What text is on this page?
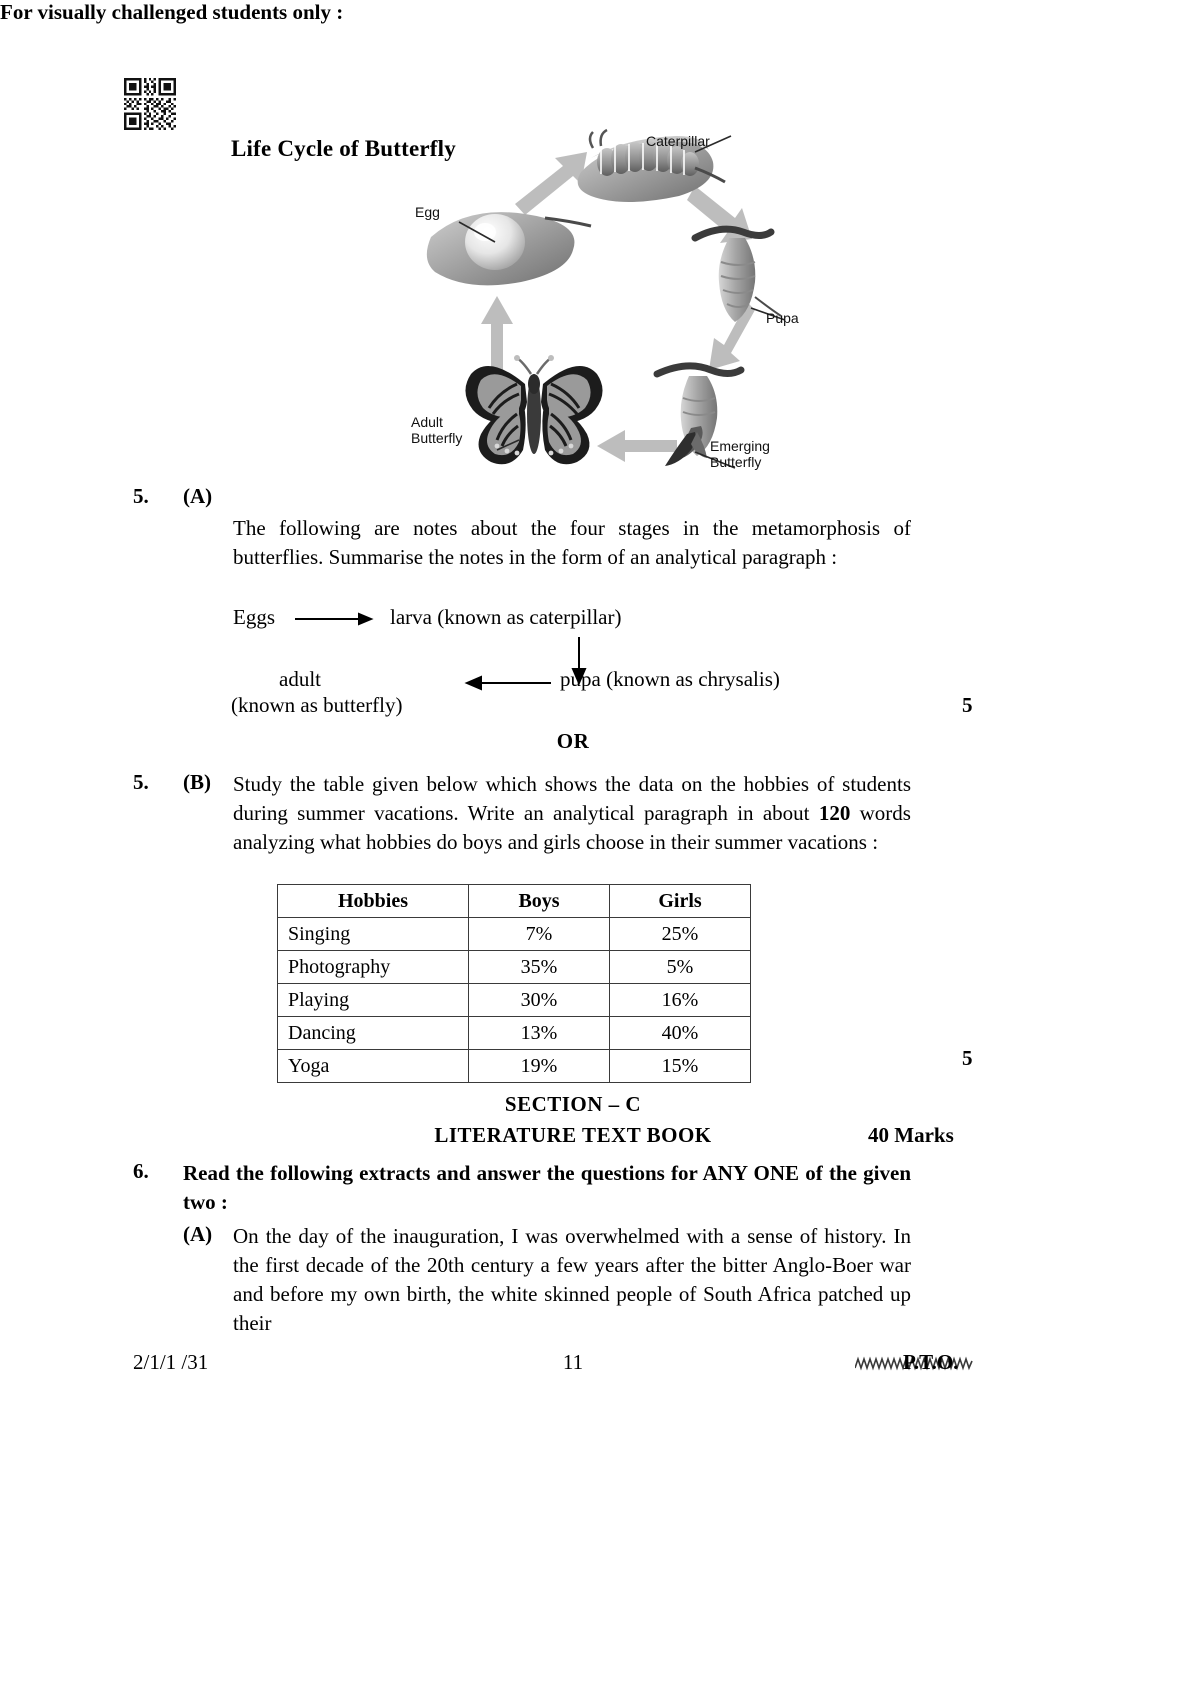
Life Cycle of Butterfly	Caterpillar
Egg
Pupa
Emerging
Butterfly
Adult
Butterfly
5. (A)
For visually challenged students only :
The following are notes about the four stages in the metamorphosis of butterflies. Summarise the notes in the form of an analytical paragraph :
Eggs	larva (known as caterpillar)
pupa (known as chrysalis)
adult
(known as butterfly)	5
OR
5. (B) Study the table given below which shows the data on the hobbies of students during summer vacations. Write an analytical paragraph in about 120 words analyzing what hobbies do boys and girls choose in their summer vacations :
Hobbies	Boys	Girls
Singing	7%	25%
Photography	35%	5%
Playing	30%	16%
Dancing	13%	40%
Yoga	19%	15%	5
SECTION – C
LITERATURE TEXT BOOK	40 Marks
6. Read the following extracts and answer the questions for ANY ONE of the given two :
(A) On the day of the inauguration, I was overwhelmed with a sense of history. In the first decade of the 20th century a few years after the bitter Anglo-Boer war and before my own birth, the white skinned people of South Africa patched up their
2/1/1 /31	11	P.T.O.
